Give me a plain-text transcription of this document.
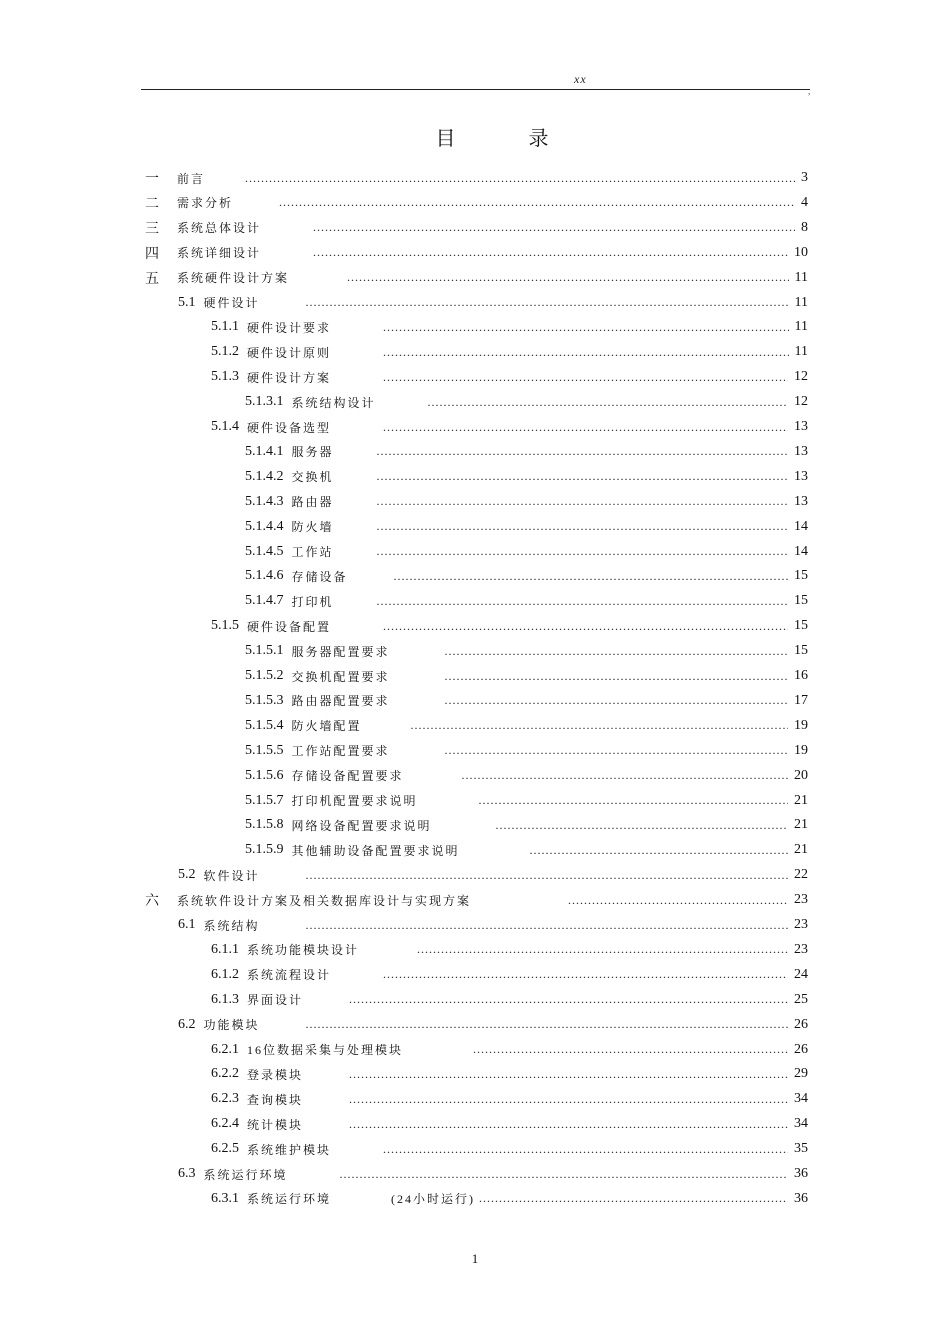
xx
,
目 录
一	前言 .....	3
二	需求分析 .....	4
三	系统总体设计 .....	8
四	系统详细设计 .....	10
五	系统硬件设计方案 .....	11
5.1 硬件设计 .....	11
5.1.1 硬件设计要求 .....	11
5.1.2 硬件设计原则 .....	11
5.1.3 硬件设计方案 .....	12
5.1.3.1 系统结构设计 .....	12
5.1.4 硬件设备选型 .....	13
5.1.4.1 服务器 .....	13
5.1.4.2 交换机 .....	13
5.1.4.3 路由器 .....	13
5.1.4.4 防火墙 .....	14
5.1.4.5 工作站 .....	14
5.1.4.6 存储设备 .....	15
5.1.4.7 打印机 .....	15
5.1.5 硬件设备配置 .....	15
5.1.5.1 服务器配置要求 .....	15
5.1.5.2 交换机配置要求 .....	16
5.1.5.3 路由器配置要求 .....	17
5.1.5.4 防火墙配置 .....	19
5.1.5.5 工作站配置要求 .....	19
5.1.5.6 存储设备配置要求 .....	20
5.1.5.7 打印机配置要求说明 .....	21
5.1.5.8 网络设备配置要求说明 .....	21
5.1.5.9 其他辅助设备配置要求说明 .....	21
5.2 软件设计 .....	22
六	系统软件设计方案及相关数据库设计与实现方案 .....	23
6.1 系统结构 .....	23
6.1.1 系统功能模块设计 .....	23
6.1.2 系统流程设计 .....	24
6.1.3 界面设计 .....	25
6.2 功能模块 .....	26
6.2.1 16位数据采集与处理模块 .....	26
6.2.2 登录模块 .....	29
6.2.3 查询模块 .....	34
6.2.4 统计模块 .....	34
6.2.5 系统维护模块 .....	35
6.3 系统运行环境 .....	36
6.3.1 系统运行环境	(24小时运行) .....	36
1
